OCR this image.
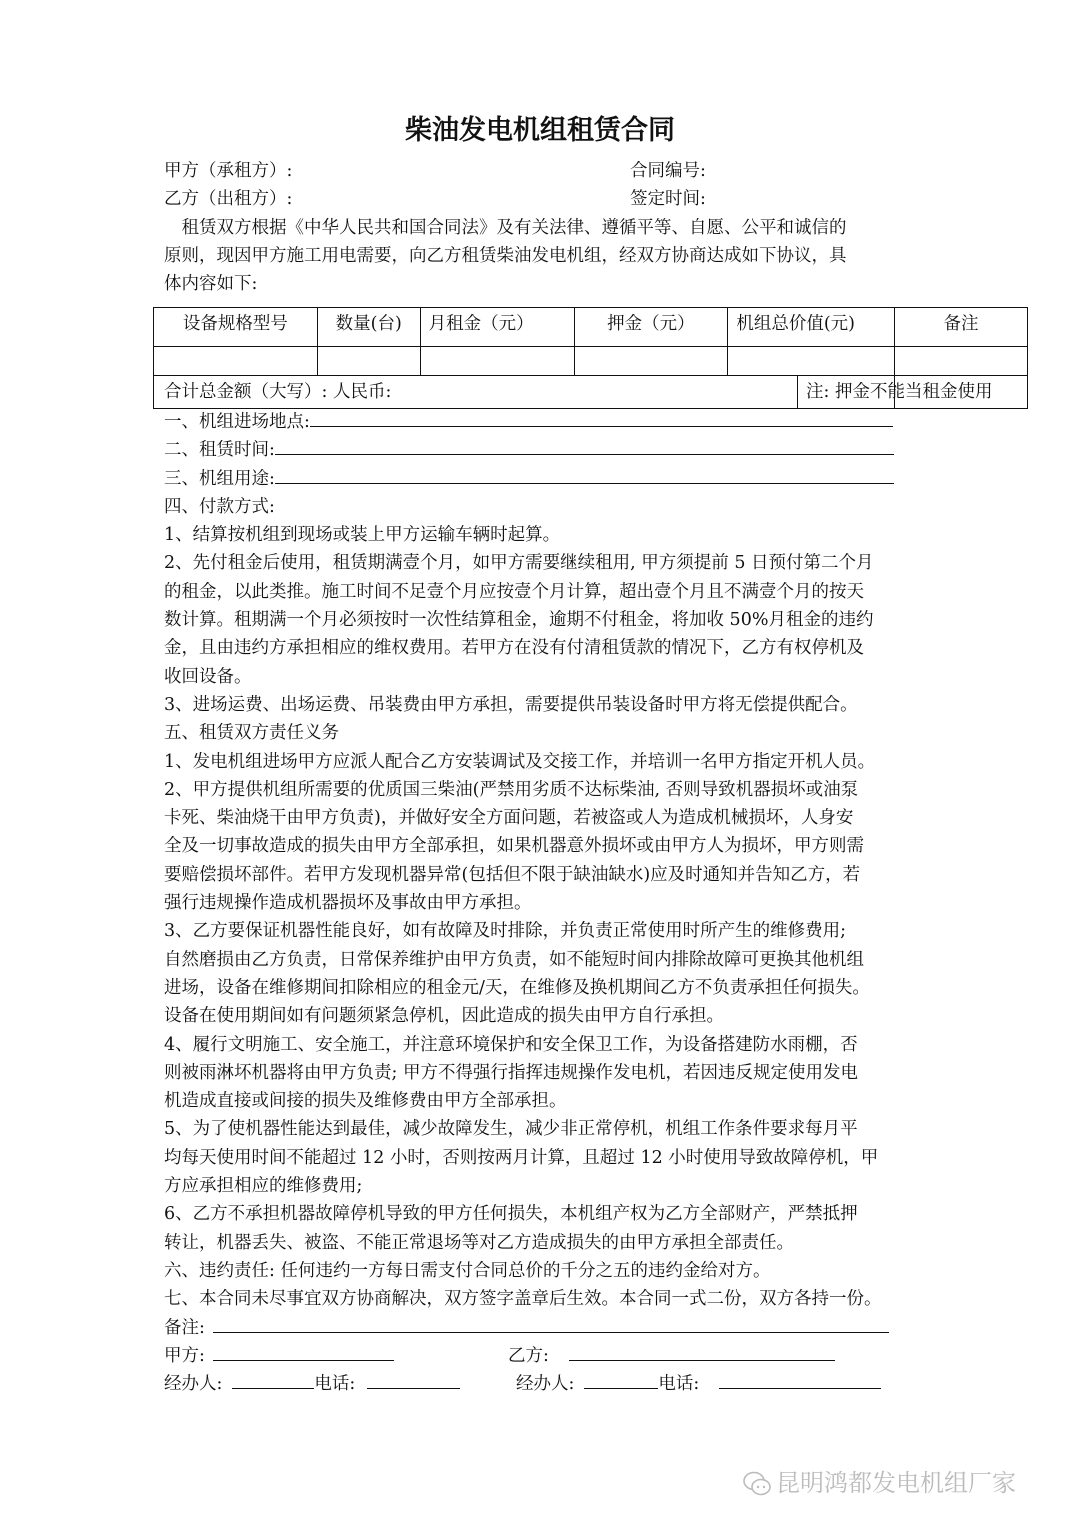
柴油发电机组租赁合同
甲方（承租方）:	合同编号:
乙方（出租方）:	签定时间:
　租赁双方根据《中华人民共和国合同法》及有关法律、遵循平等、自愿、公平和诚信的
原则，现因甲方施工用电需要，向乙方租赁柴油发电机组，经双方协商达成如下协议，具
体内容如下:
设备规格型号	数量(台)	月租金（元）	押金（元）	机组总价值(元)	备注

合计总金额（大写）: 人民币: 注: 押金不能当租金使用					

一、机组进场地点:
二、租赁时间:
三、机组用途:
四、付款方式:
1、结算按机组到现场或装上甲方运输车辆时起算。
2、先付租金后使用，租赁期满壹个月，如甲方需要继续租用, 甲方须提前 5 日预付第二个月
的租金，以此类推。施工时间不足壹个月应按壹个月计算，超出壹个月且不满壹个月的按天
数计算。租期满一个月必须按时一次性结算租金，逾期不付租金，将加收 50%月租金的违约
金，且由违约方承担相应的维权费用。若甲方在没有付清租赁款的情况下，乙方有权停机及
收回设备。
3、进场运费、出场运费、吊装费由甲方承担，需要提供吊装设备时甲方将无偿提供配合。
五、租赁双方责任义务
1、发电机组进场甲方应派人配合乙方安装调试及交接工作，并培训一名甲方指定开机人员。
2、甲方提供机组所需要的优质国三柴油(严禁用劣质不达标柴油, 否则导致机器损坏或油泵
卡死、柴油烧干由甲方负责)，并做好安全方面问题，若被盗或人为造成机械损坏，人身安
全及一切事故造成的损失由甲方全部承担，如果机器意外损坏或由甲方人为损坏，甲方则需
要赔偿损坏部件。若甲方发现机器异常(包括但不限于缺油缺水)应及时通知并告知乙方，若
强行违规操作造成机器损坏及事故由甲方承担。
3、乙方要保证机器性能良好，如有故障及时排除，并负责正常使用时所产生的维修费用;
自然磨损由乙方负责，日常保养维护由甲方负责，如不能短时间内排除故障可更换其他机组
进场，设备在维修期间扣除相应的租金元/天，在维修及换机期间乙方不负责承担任何损失。
设备在使用期间如有问题须紧急停机，因此造成的损失由甲方自行承担。
4、履行文明施工、安全施工，并注意环境保护和安全保卫工作，为设备搭建防水雨棚，否
则被雨淋坏机器将由甲方负责; 甲方不得强行指挥违规操作发电机，若因违反规定使用发电
机造成直接或间接的损失及维修费由甲方全部承担。
5、为了使机器性能达到最佳，减少故障发生，减少非正常停机，机组工作条件要求每月平
均每天使用时间不能超过 12 小时，否则按两月计算，且超过 12 小时使用导致故障停机，甲
方应承担相应的维修费用;
6、乙方不承担机器故障停机导致的甲方任何损失，本机组产权为乙方全部财产，严禁抵押
转让，机器丢失、被盗、不能正常退场等对乙方造成损失的由甲方承担全部责任。
六、违约责任: 任何违约一方每日需支付合同总价的千分之五的违约金给对方。
七、本合同未尽事宜双方协商解决，双方签字盖章后生效。本合同一式二份，双方各持一份。
备注:
甲方:	乙方:
经办人:	电话:	经办人:	电话:
昆明鸿都发电机组厂家
